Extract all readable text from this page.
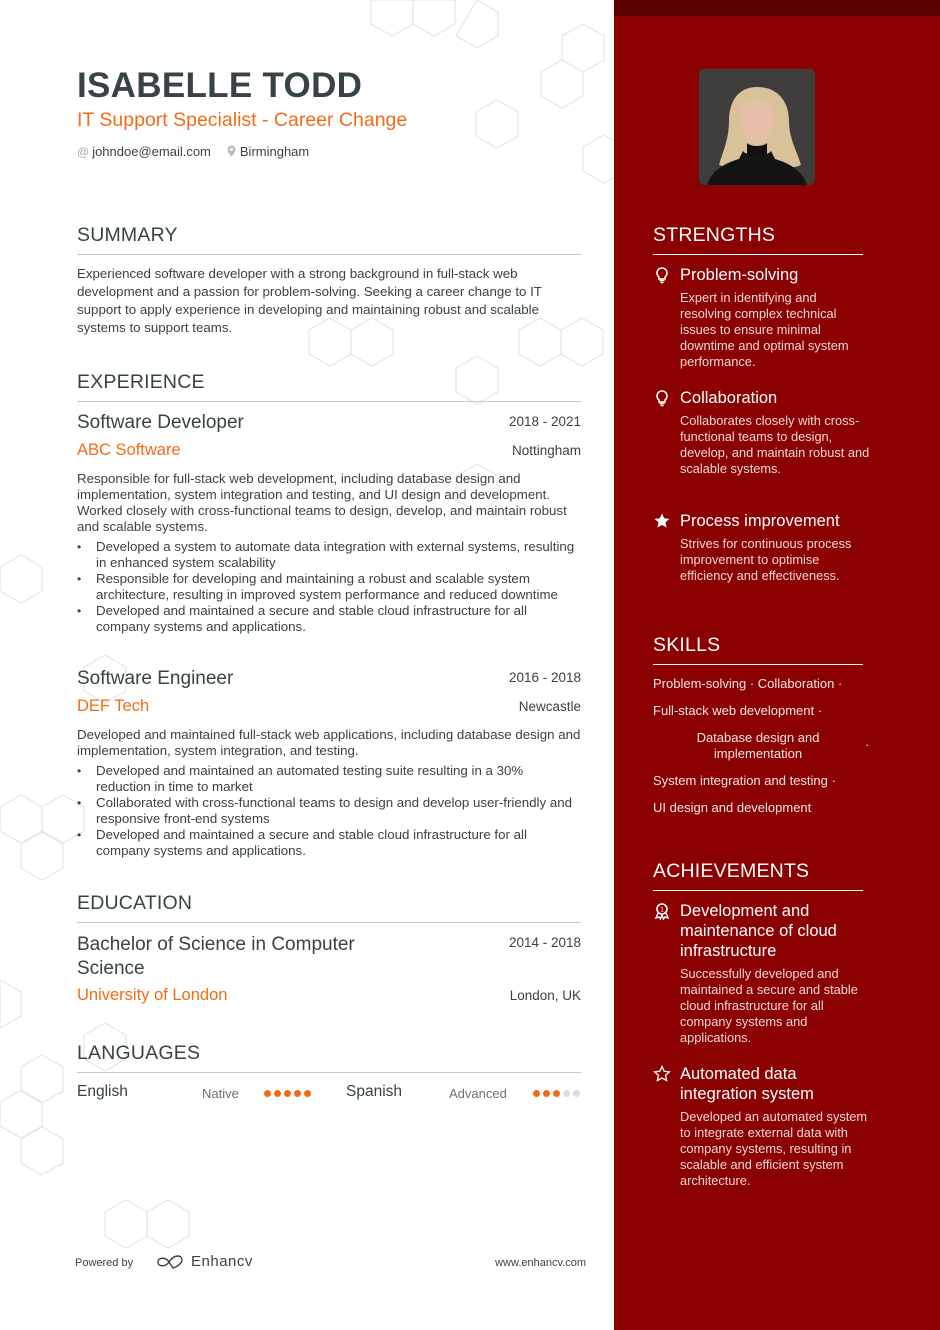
ISABELLE TODD
IT Support Specialist - Career Change
@ johndoe@email.com	Birmingham
SUMMARY
Experienced software developer with a strong background in full-stack web development and a passion for problem-solving. Seeking a career change to IT support to apply experience in developing and maintaining robust and scalable systems to support teams.
EXPERIENCE
Software Developer	2018 - 2021
ABC Software	Nottingham
Responsible for full-stack web development, including database design and implementation, system integration and testing, and UI design and development. Worked closely with cross-functional teams to design, develop, and maintain robust and scalable systems.
• Developed a system to automate data integration with external systems, resulting in enhanced system scalability
• Responsible for developing and maintaining a robust and scalable system architecture, resulting in improved system performance and reduced downtime
• Developed and maintained a secure and stable cloud infrastructure for all company systems and applications.
Software Engineer	2016 - 2018
DEF Tech	Newcastle
Developed and maintained full-stack web applications, including database design and implementation, system integration, and testing.
• Developed and maintained an automated testing suite resulting in a 30% reduction in time to market
• Collaborated with cross-functional teams to design and develop user-friendly and responsive front-end systems
• Developed and maintained a secure and stable cloud infrastructure for all company systems and applications.
EDUCATION
Bachelor of Science in Computer Science
2014 - 2018
University of London	London, UK
LANGUAGES
English	Native	Spanish	Advanced
Powered by	Enhancv	www.enhancv.com
STRENGTHS
Problem-solving
Expert in identifying and resolving complex technical issues to ensure minimal downtime and optimal system performance.
Collaboration
Collaborates closely with cross-functional teams to design, develop, and maintain robust and scalable systems.
Process improvement
Strives for continuous process improvement to optimise efficiency and effectiveness.
SKILLS
Problem-solving · Collaboration ·
Full-stack web development ·
Database design and implementation
·
System integration and testing ·
UI design and development
ACHIEVEMENTS
1 Development and maintenance of cloud infrastructure
Successfully developed and maintained a secure and stable cloud infrastructure for all company systems and applications.
Automated data integration system
Developed an automated system to integrate external data with company systems, resulting in scalable and efficient system architecture.
